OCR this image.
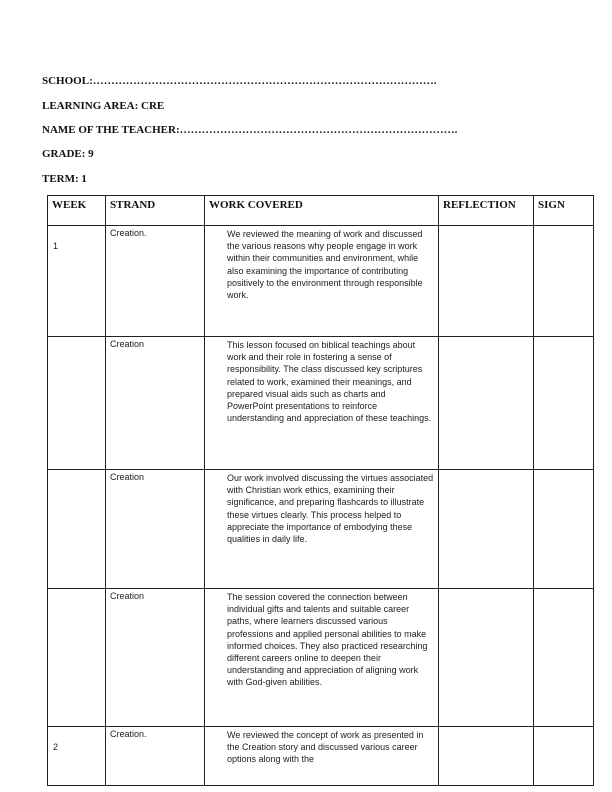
SCHOOL:………………………………………………………………………………….
LEARNING AREA: CRE
NAME OF THE TEACHER:………………………………………………………………….
GRADE: 9
TERM: 1
WEEK	STRAND	WORK COVERED	REFLECTION	SIGN
1	Creation.	We reviewed the meaning of work and discussed the various reasons why people engage in work within their communities and environment, while also examining the importance of contributing positively to the environment through responsible work.		
	Creation	This lesson focused on biblical teachings about work and their role in fostering a sense of responsibility. The class discussed key scriptures related to work, examined their meanings, and prepared visual aids such as charts and PowerPoint presentations to reinforce understanding and appreciation of these teachings.		
	Creation	Our work involved discussing the virtues associated with Christian work ethics, examining their significance, and preparing flashcards to illustrate these virtues clearly. This process helped to appreciate the importance of embodying these qualities in daily life.		
	Creation	The session covered the connection between individual gifts and talents and suitable career paths, where learners discussed various professions and applied personal abilities to make informed choices. They also practiced researching different careers online to deepen their understanding and appreciation of aligning work with God-given abilities.		
2	Creation.	We reviewed the concept of work as presented in the Creation story and discussed various career options along with the		
